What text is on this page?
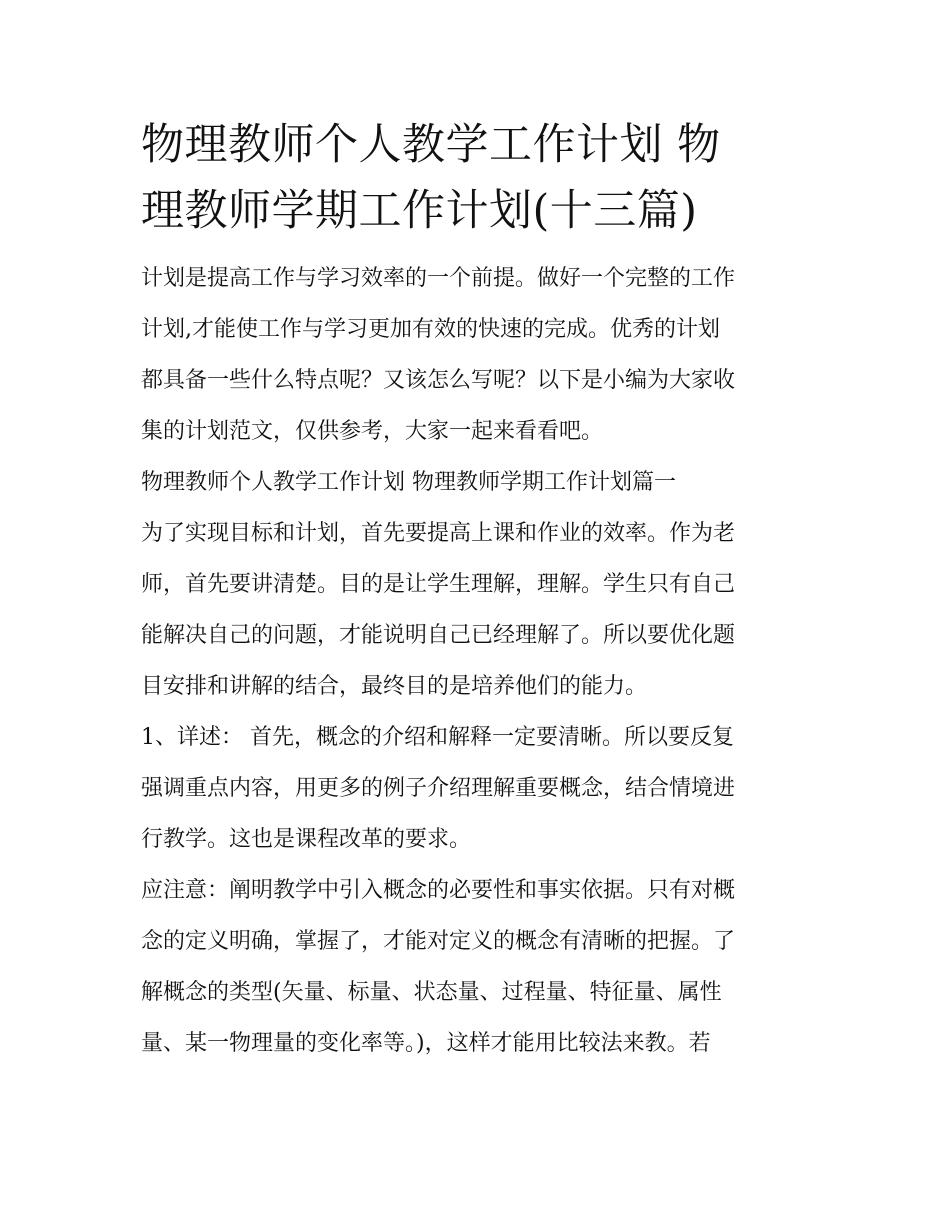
物理教师个人教学工作计划 物
理教师学期工作计划(十三篇)
计划是提高工作与学习效率的一个前提。做好一个完整的工作
计划,才能使工作与学习更加有效的快速的完成。优秀的计划
都具备一些什么特点呢？又该怎么写呢？以下是小编为大家收
集的计划范文，仅供参考，大家一起来看看吧。
物理教师个人教学工作计划 物理教师学期工作计划篇一
为了实现目标和计划，首先要提高上课和作业的效率。作为老
师，首先要讲清楚。目的是让学生理解，理解。学生只有自己
能解决自己的问题，才能说明自己已经理解了。所以要优化题
目安排和讲解的结合，最终目的是培养他们的能力。
1、详述： 首先，概念的介绍和解释一定要清晰。所以要反复
强调重点内容，用更多的例子介绍理解重要概念，结合情境进
行教学。这也是课程改革的要求。
应注意：阐明教学中引入概念的必要性和事实依据。只有对概
念的定义明确，掌握了，才能对定义的概念有清晰的把握。了
解概念的类型(矢量、标量、状态量、过程量、特征量、属性
量、某一物理量的变化率等。)，这样才能用比较法来教。若
